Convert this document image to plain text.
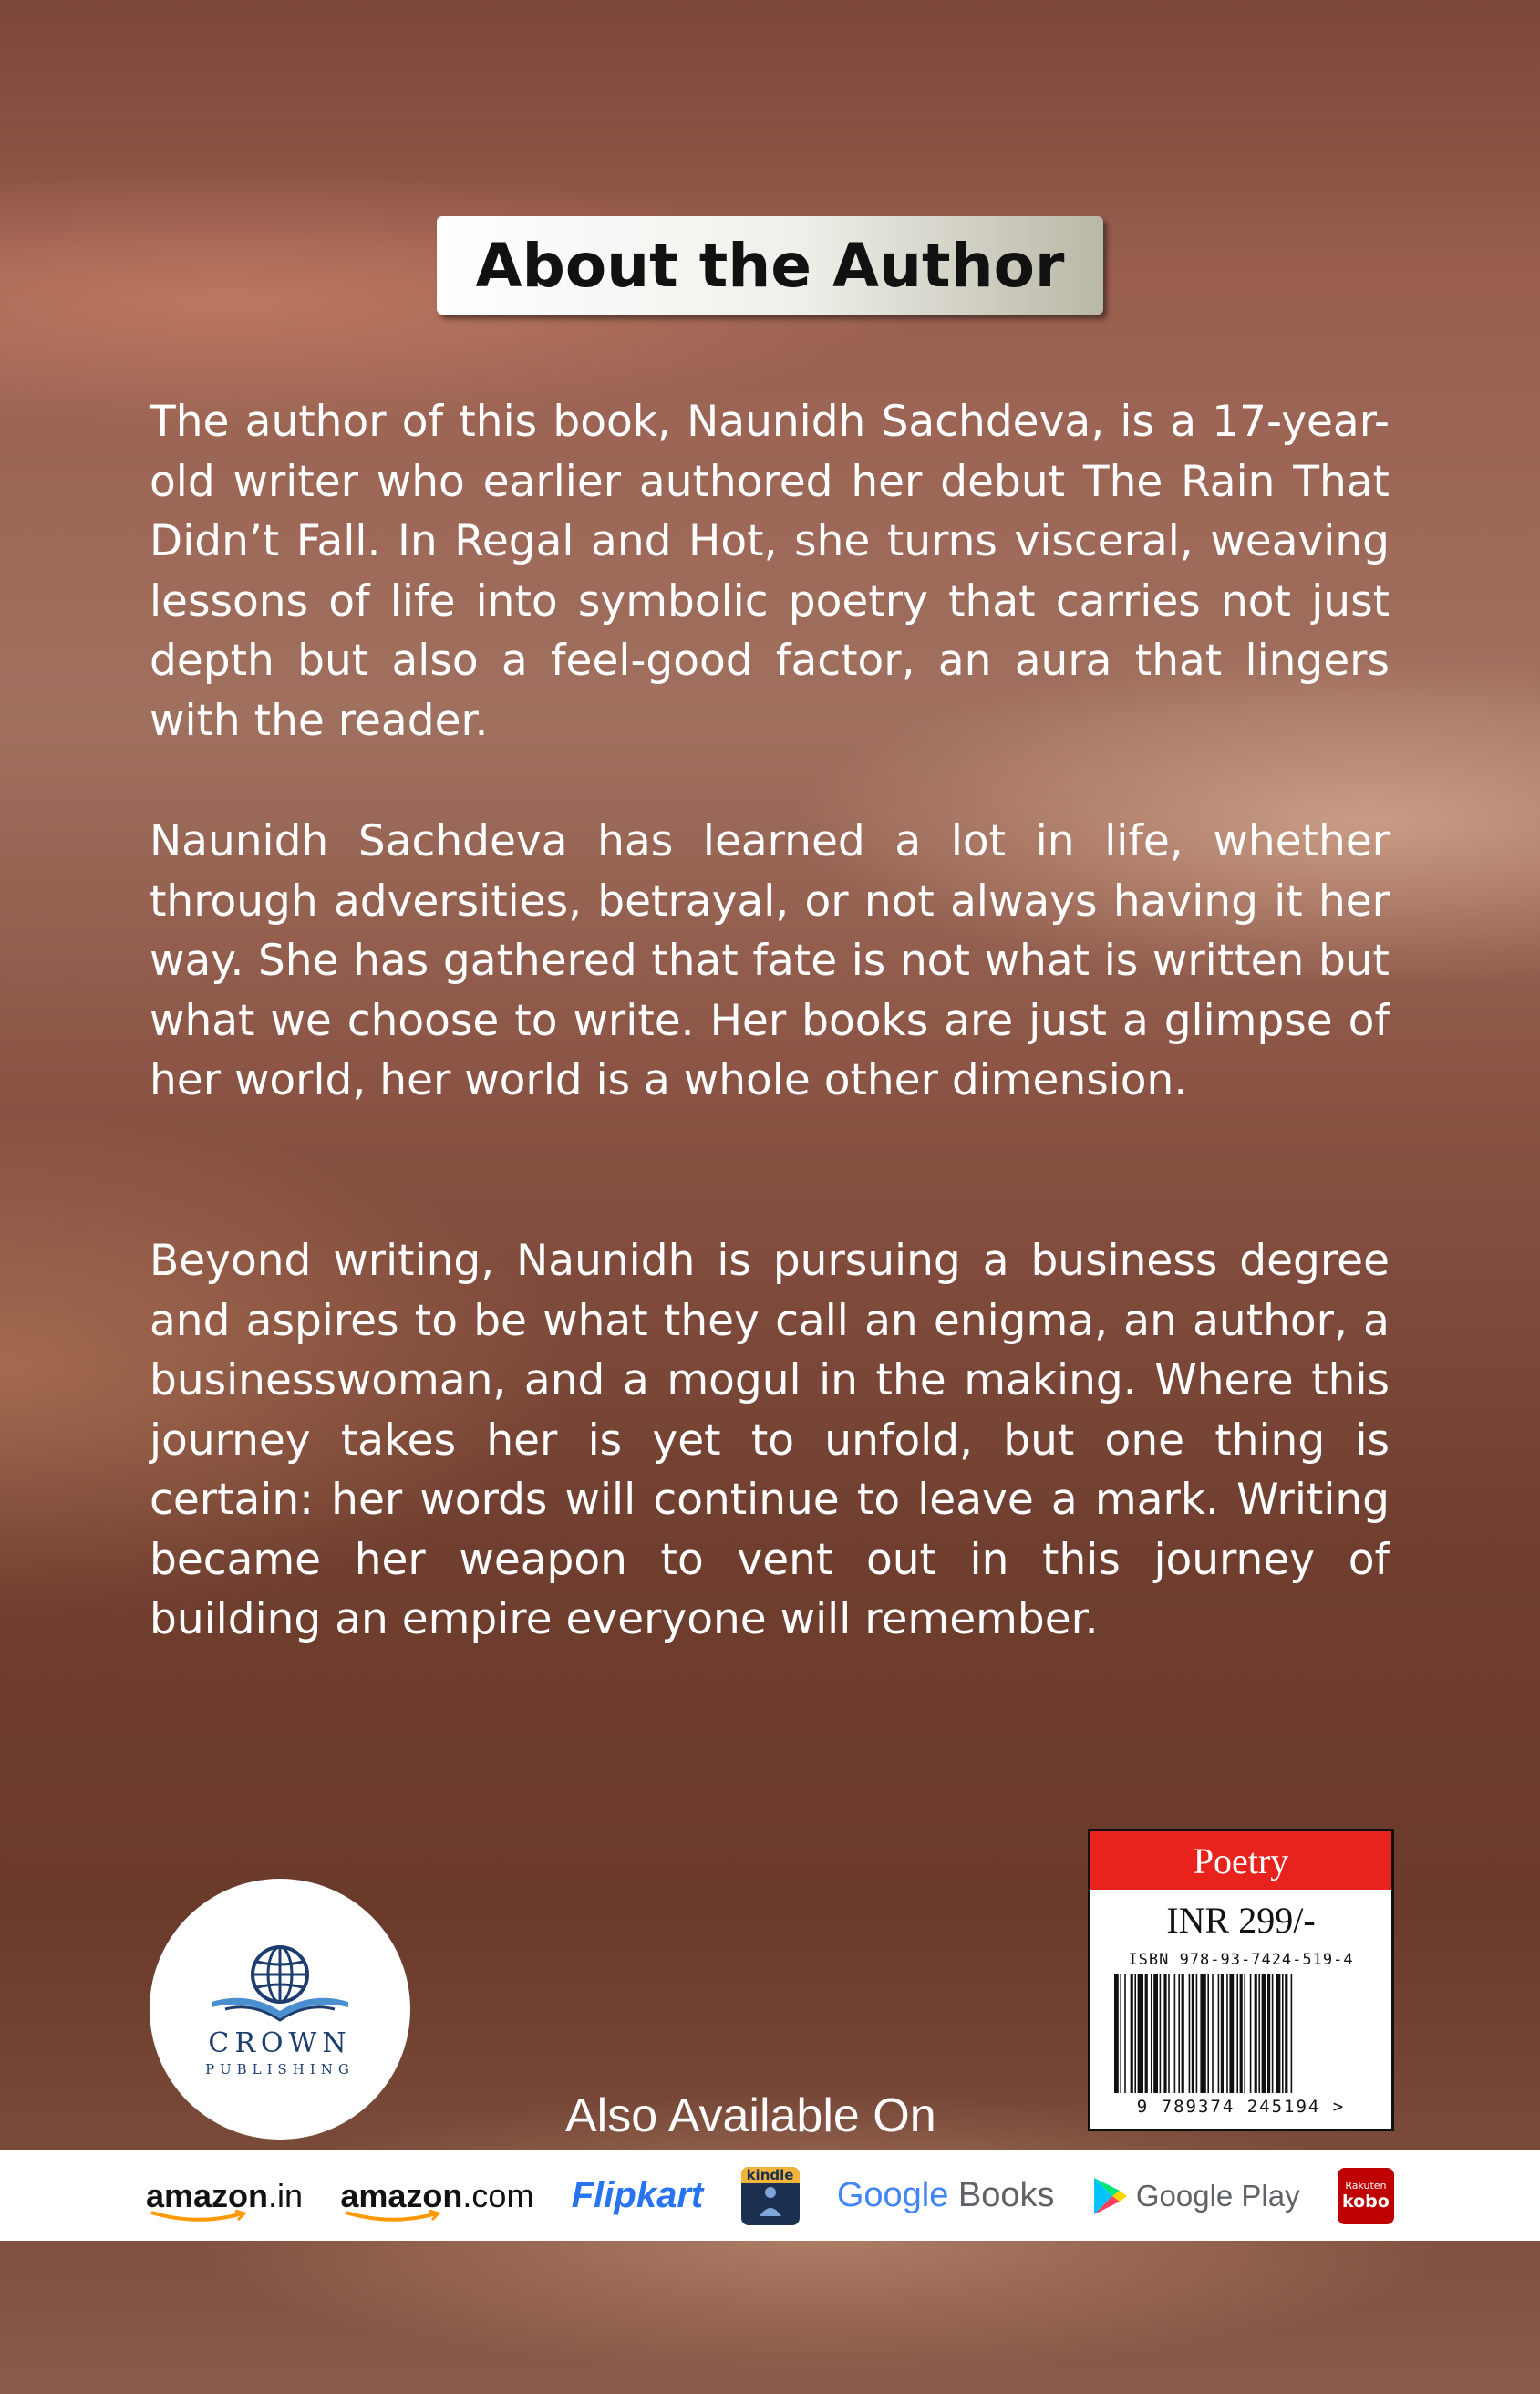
About the Author

The author of this book, Naunidh Sachdeva, is a 17-year-old writer who earlier authored her debut The Rain That Didn’t Fall. In Regal and Hot, she turns visceral, weaving lessons of life into symbolic poetry that carries not just depth but also a feel-good factor, an aura that lingers with the reader.

Naunidh Sachdeva has learned a lot in life, whether through adversities, betrayal, or not always having it her way. She has gathered that fate is not what is written but what we choose to write. Her books are just a glimpse of her world, her world is a whole other dimension.

Beyond writing, Naunidh is pursuing a business degree and aspires to be what they call an enigma, an author, a businesswoman, and a mogul in the making. Where this journey takes her is yet to unfold, but one thing is certain: her words will continue to leave a mark. Writing became her weapon to vent out in this journey of building an empire everyone will remember.

CROWN
PUBLISHING
Also Available On
Poetry
INR 299/-
ISBN 978-93-7424-519-4
9 789374 245194 >
amazon.in amazon.com Flipkart
kindle
Google Books	Google Play	Rakuten
kobo
